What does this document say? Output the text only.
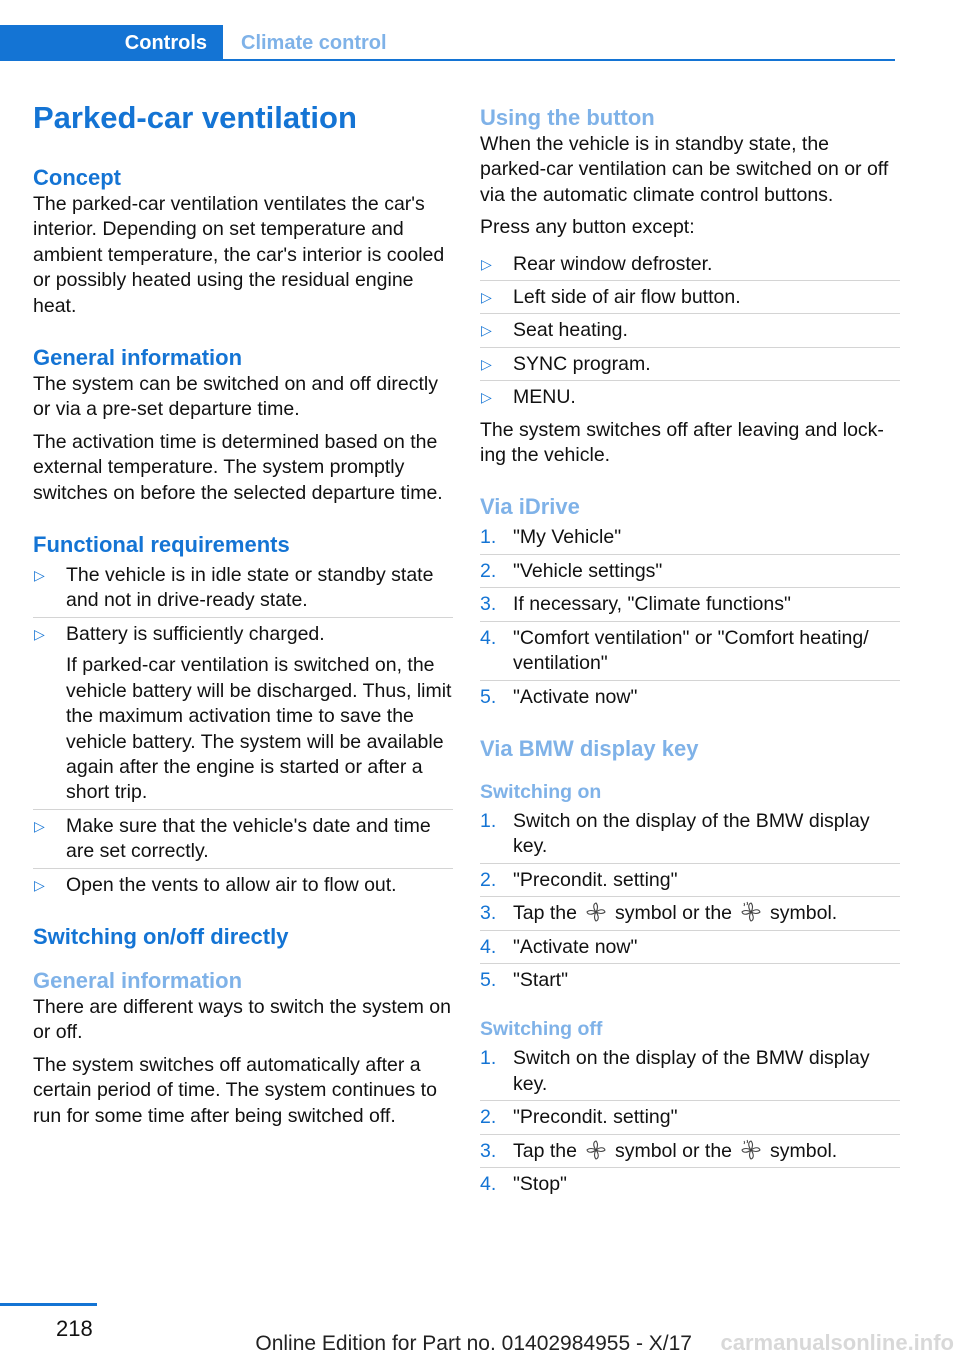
Controls	Climate control
Parked-car ventilation
Concept

The parked-car ventilation ventilates the car's interior. Depending on set temperature and ambient temperature, the car's interior is cooled or possibly heated using the residual engine heat.

General information

The system can be switched on and off directly or via a pre-set departure time.

The activation time is determined based on the external temperature. The system promptly switches on before the selected departure time.

Functional requirements
▷ The vehicle is in idle state or standby state and not in drive-ready state.
▷ Battery is sufficiently charged.
If parked-car ventilation is switched on, the vehicle battery will be discharged. Thus, limit the maximum activation time to save the vehicle battery. The system will be available again after the engine is started or after a short trip.
▷ Make sure that the vehicle's date and time are set correctly.
▷ Open the vents to allow air to flow out.
Switching on/off directly
General information

There are different ways to switch the system on or off.

The system switches off automatically after a certain period of time. The system continues to run for some time after being switched off.

Using the button

When the vehicle is in standby state, the parked-car ventilation can be switched on or off via the automatic climate control buttons.

Press any button except:

▷ Rear window defroster.
▷ Left side of air flow button.
▷ Seat heating.
▷ SYNC program.
▷ MENU.

The system switches off after leaving and locking the vehicle.

Via iDrive
1. "My Vehicle"
2. "Vehicle settings"
3. If necessary, "Climate functions"
4. "Comfort ventilation" or "Comfort heating/ ventilation"
5. "Activate now"
Via BMW display key
Switching on
1. Switch on the display of the BMW display key.
2. "Precondit. setting"
3. Tap the symbol or the symbol.
4. "Activate now"
5. "Start"
Switching off
1. Switch on the display of the BMW display key.
2. "Precondit. setting"
3. Tap the symbol or the symbol.
4. "Stop"
218
Online Edition for Part no. 01402984955 - X/17 carmanualsonline.info
